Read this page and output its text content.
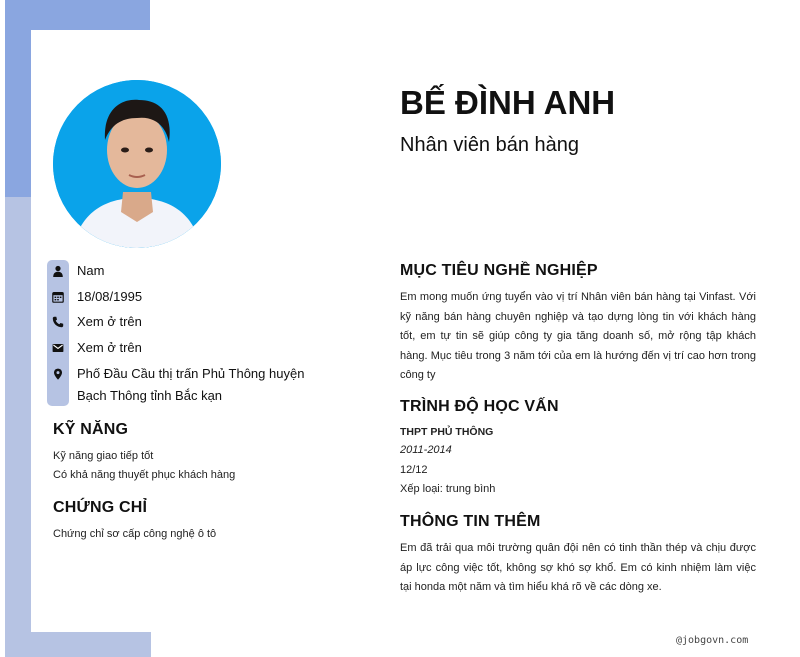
Nam
18/08/1995
Xem ở trên
Xem ở trên
Phố Đầu Cầu thị trấn Phủ Thông huyện Bạch Thông tỉnh Bắc kạn
KỸ NĂNG
Kỹ năng giao tiếp tốt
Có khả năng thuyết phục khách hàng
CHỨNG CHỈ
Chứng chỉ sơ cấp công nghệ ô tô
BẾ ĐÌNH ANH
Nhân viên bán hàng
MỤC TIÊU NGHỀ NGHIỆP
Em mong muốn ứng tuyển vào vị trí Nhân viên bán hàng tại Vinfast. Với kỹ năng bán hàng chuyên nghiệp và tạo dựng lòng tin với khách hàng tốt, em tự tin sẽ giúp công ty gia tăng doanh số, mở rộng tập khách hàng. Mục tiêu trong 3 năm tới của em là hướng đến vị trí cao hơn trong công ty
TRÌNH ĐỘ HỌC VẤN
THPT PHỦ THÔNG
2011-2014
12/12
Xếp loại: trung bình
THÔNG TIN THÊM
Em đã trải qua môi trường quân đội nên có tinh thần thép và chịu được áp lực công việc tốt, không sợ khó sợ khổ. Em có kinh nhiệm làm việc tại honda một năm và tìm hiểu khá rõ về các dòng xe.
@jobgovn.com
